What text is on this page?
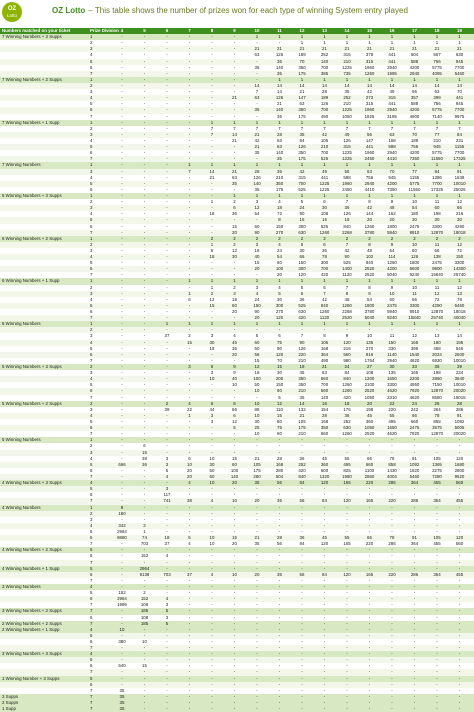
OZ
Lotto
OZ Lotto – This table shows the number of prizes won for each type of winning System entry played
Numbers matched on your ticket	Prize Division 4	5	6	7	8	9	10	11	12	13	14	15	16	17	18	19
7 Winning Numbers + 3 Supps	1	-	-	-	-	-	-	1	1	1	1	1	1	1	1	1	1
2	-	-	-	-	-	-	-	-	1	1	1	1	1	1	1	1
3	-	-	-	-	-	-	21	21	21	21	21	21	21	21	21	21
4	-	-	-	-	-	-	63	126	189	252	315	378	441	504	567	630
5	-	-	-	-	-	-	-	35	70	140	210	315	441	588	756	945
6	-	-	-	-	-	-	35	140	350	700	1225	1960	2940	4200	5775	7700
7	-	-	-	-	-	-	-	35	175	385	735	1260	1995	2940	4095	5460
7 Winning Numbers + 2 Supps	1	-	-	-	-	-	-	-	1	1	1	1	1	1	1	1	1
2	-	-	-	-	-	-	14	14	14	14	14	14	14	14	14	14
3	-	-	-	-	-	-	7	14	21	28	35	42	49	56	63	70
4	-	-	-	-	-	21	63	126	147	189	252	273	315	357	399	441
5	-	-	-	-	-	-	-	21	63	126	210	315	441	588	756	945
6	-	-	-	-	-	-	35	140	350	700	1225	1960	2940	4200	5775	7700
7	-	-	-	-	-	-	-	35	175	490	1050	1925	3185	4900	7140	9975
7 Winning Numbers + 1 Supp	1	-	-	-	-	1	1	1	1	1	1	1	1	1	1	1	1
2	-	-	-	-	7	7	7	7	7	7	7	7	7	7	7	7
3	-	-	-	-	7	14	21	28	35	42	49	56	63	70	77	84
4	-	-	-	-	-	21	42	63	84	105	126	147	168	189	210	231
5	-	-	-	-	-	-	21	63	126	210	315	441	588	756	945	1155
6	-	-	-	-	-	-	35	140	350	700	1225	1960	2940	4200	5775	7700
7	-	-	-	-	-	-	-	35	175	525	1225	2450	4410	7350	11550	17325
7 Winning Numbers	1	-	-	-	1	1	1	1	1	1	1	1	1	1	1	1	1
3	-	-	-	7	14	21	28	35	42	49	56	63	70	77	84	91
4	-	-	-	-	21	63	126	210	315	441	588	756	945	1155	1386	1638
5	-	-	-	-	-	35	140	350	700	1225	1960	2940	4200	5775	7700	10010
6	-	-	-	-	-	-	35	175	525	1225	2450	4410	7350	11550	17325	25025
6 Winning Numbers + 3 Supps	1	-	-	-	-	-	1	1	1	1	1	1	1	1	1	1	1
2	-	-	-	-	1	2	3	4	5	6	7	8	9	10	11	12
3	-	-	-	-	-	6	12	18	24	30	36	42	48	54	60	66
4	-	-	-	-	18	36	54	72	90	108	126	144	162	180	198	216
5	-	-	-	-	-	-	-	8	16	16	18	20	20	30	30	30
6	-	-	-	-	-	15	60	150	300	525	840	1260	1800	2475	3300	4290
7	-	-	-	-	-	20	90	270	630	1260	2268	3780	5940	8910	12870	18018
6 Winning Numbers + 2 Supps	1	-	-	-	-	2	2	2	2	2	2	2	2	2	2	2	2
2	-	-	-	-	1	2	3	4	5	6	7	8	9	10	11	12
3	-	-	-	-	6	12	18	24	30	36	42	48	54	60	66	72
4	-	-	-	-	18	30	40	54	66	78	90	102	114	126	138	150
5	-	-	-	-	-	-	15	60	150	300	525	840	1260	1800	2475	3300
6	-	-	-	-	-	-	20	100	300	700	1400	2520	4200	6600	9900	14300
7	-	-	-	-	-	-	-	20	120	420	1120	2520	5040	9240	15840	25740
6 Winning Numbers + 1 Supp	1	-	-	-	1	1	1	1	1	1	1	1	1	1	1	1	1
2	-	-	-	-	1	2	3	4	5	6	7	8	9	10	11	12
3	-	-	-	1	2	3	4	5	6	7	8	9	10	11	12	13
4	-	-	-	6	12	18	24	30	36	42	48	54	60	66	72	78
5	-	-	-	-	15	60	150	300	525	840	1260	1800	2475	3300	4290	5460
6	-	-	-	-	-	20	90	270	630	1260	2268	3780	5940	8910	12870	18018
7	-	-	-	-	-	-	20	120	420	1120	2520	5040	9240	15840	25740	40040
6 Winning Numbers	1	-	-	1	1	1	1	1	1	1	1	1	1	1	1	1	1
2	-	-	-	-	-	-	-	-	-	-	-	-	-	-	-	-
3	-	-	37	2	3	4	5	6	7	8	9	10	11	12	13	14
4	-	-	-	15	30	45	60	75	90	105	120	135	150	165	180	195
5	-	-	-	-	18	36	60	90	126	168	216	270	330	396	468	546
6	-	-	-	-	-	20	56	120	220	364	560	816	1140	1540	2024	2600
7	-	-	-	-	-	-	15	70	210	490	980	1764	2940	4620	6930	10010
5 Winning Numbers + 3 Supps	2	-	-	-	3	6	9	12	15	18	21	24	27	30	33	36	39
3	-	-	-	-	3	9	18	30	45	63	84	108	135	165	198	234
4	-	-	-	-	10	40	100	200	350	560	840	1200	1650	2200	2860	3640
5	-	-	-	-	-	10	50	150	350	700	1260	2100	3300	4950	7150	10010
6	-	-	-	-	-	-	10	60	210	560	1260	2520	4620	7920	12870	20020
7	-	-	-	-	-	-	-	5	35	140	420	1050	2310	4620	8580	15015
5 Winning Numbers + 2 Supps	2	-	-	2	4	6	8	10	12	14	16	18	20	22	24	26	28
3	-	-	39	22	44	66	88	110	132	154	176	198	220	242	264	286
4	-	-	-	1	3	6	10	15	21	28	36	45	55	66	78	91
5	-	-	-	-	3	12	30	60	105	168	252	360	495	660	858	1092
6	-	-	-	-	-	5	25	75	175	350	630	1050	1650	2475	3575	5005
7	-	-	-	-	-	-	10	60	210	560	1260	2520	4620	7920	12870	20020
5 Winning Numbers	1	-	-	-	-	-	-	-	-	-	-	-	-	-	-	-	-
2	-	6	-	-	-	-	-	-	-	-	-	-	-	-	-	-
3	-	15	-	-	-	-	-	-	-	-	-	-	-	-	-	-
4	-	38	3	6	10	15	21	28	36	45	55	66	78	91	105	120
5	666	36	3	10	30	60	105	168	252	360	495	660	858	1092	1365	1680
6	-	-	5	20	50	100	175	280	420	600	825	1100	1430	1820	2275	2800
7	-	-	4	20	60	140	280	504	840	1320	1980	2860	4004	5460	7280	9520
4 Winning Numbers + 3 Supps	4	-	-	-	4	10	20	35	56	84	120	165	220	286	364	455	560
5	-	-	3	-	-	-	-	-	-	-	-	-	-	-	-	-
6	-	-	117	-	-	-	-	-	-	-	-	-	-	-	-	-
7	-	-	741	38	4	10	20	35	56	84	120	165	220	286	364	455
4 Winning Numbers	1	9	-	-	-	-	-	-	-	-	-	-	-	-	-	-	-
2	180	-	-	-	-	-	-	-	-	-	-	-	-	-	-	-
3	-	-	-	-	-	-	-	-	-	-	-	-	-	-	-	-
4	342	3	-	-	-	-	-	-	-	-	-	-	-	-	-	-
5	2964	1	-	-	-	-	-	-	-	-	-	-	-	-	-	-
6	9880	74	18	5	10	15	21	28	36	45	55	66	78	91	105	120
7	-	703	37	4	10	20	35	56	84	120	165	220	286	364	455	560
4 Winning Numbers + 2 Supps	5	-	-	-	-	-	-	-	-	-	-	-	-	-	-	-	-
6	-	152	4	-	-	-	-	-	-	-	-	-	-	-	-	-
7	-	-	-	-	-	-	-	-	-	-	-	-	-	-	-	-
4 Winning Numbers + 1 Supp	5	-	2964	-	-	-	-	-	-	-	-	-	-	-	-	-	-
6	-	9139	703	37	4	10	20	35	56	84	120	165	220	286	364	455
7	-	-	-	-	-	-	-	-	-	-	-	-	-	-	-	-
3 Winning Numbers	4	-	-	-	-	-	-	-	-	-	-	-	-	-	-	-	-
5	152	2	-	-	-	-	-	-	-	-	-	-	-	-	-	-
6	2964	152	4	-	-	-	-	-	-	-	-	-	-	-	-	-
7	1999	108	3	-	-	-	-	-	-	-	-	-	-	-	-	-
3 Winning Numbers + 2 Supps	7	-	185	5	-	-	-	-	-	-	-	-	-	-	-	-	-
6	-	108	3	-	-	-	-	-	-	-	-	-	-	-	-	-
2 Winning Numbers + 2 Supps	7	-	185	5	-	-	-	-	-	-	-	-	-	-	-	-	-
2 Winning Numbers + 1 Supp	4	10	-	-	-	-	-	-	-	-	-	-	-	-	-	-	-
5	-	-	-	-	-	-	-	-	-	-	-	-	-	-	-	-
6	380	10	-	-	-	-	-	-	-	-	-	-	-	-	-	-
7	-	-	-	-	-	-	-	-	-	-	-	-	-	-	-	-
3 Winning Numbers + 3 Supps	4	-	-	-	-	-	-	-	-	-	-	-	-	-	-	-	-
5	-	-	-	-	-	-	-	-	-	-	-	-	-	-	-	-
6	540	15	-	-	-	-	-	-	-	-	-	-	-	-	-	-
7	-	-	-	-	-	-	-	-	-	-	-	-	-	-	-	-
1 Winning Number + 3 Supps	5	-	-	-	-	-	-	-	-	-	-	-	-	-	-	-	-
6	-	-	-	-	-	-	-	-	-	-	-	-	-	-	-	-
7	35	-	-	-	-	-	-	-	-	-	-	-	-	-	-	-
3 Supps	7	35	-	-	-	-	-	-	-	-	-	-	-	-	-	-	-
2 Supps	7	35	-	-	-	-	-	-	-	-	-	-	-	-	-	-	-
1 Supp	7	35	-	-	-	-	-	-	-	-	-	-	-	-	-	-	-
